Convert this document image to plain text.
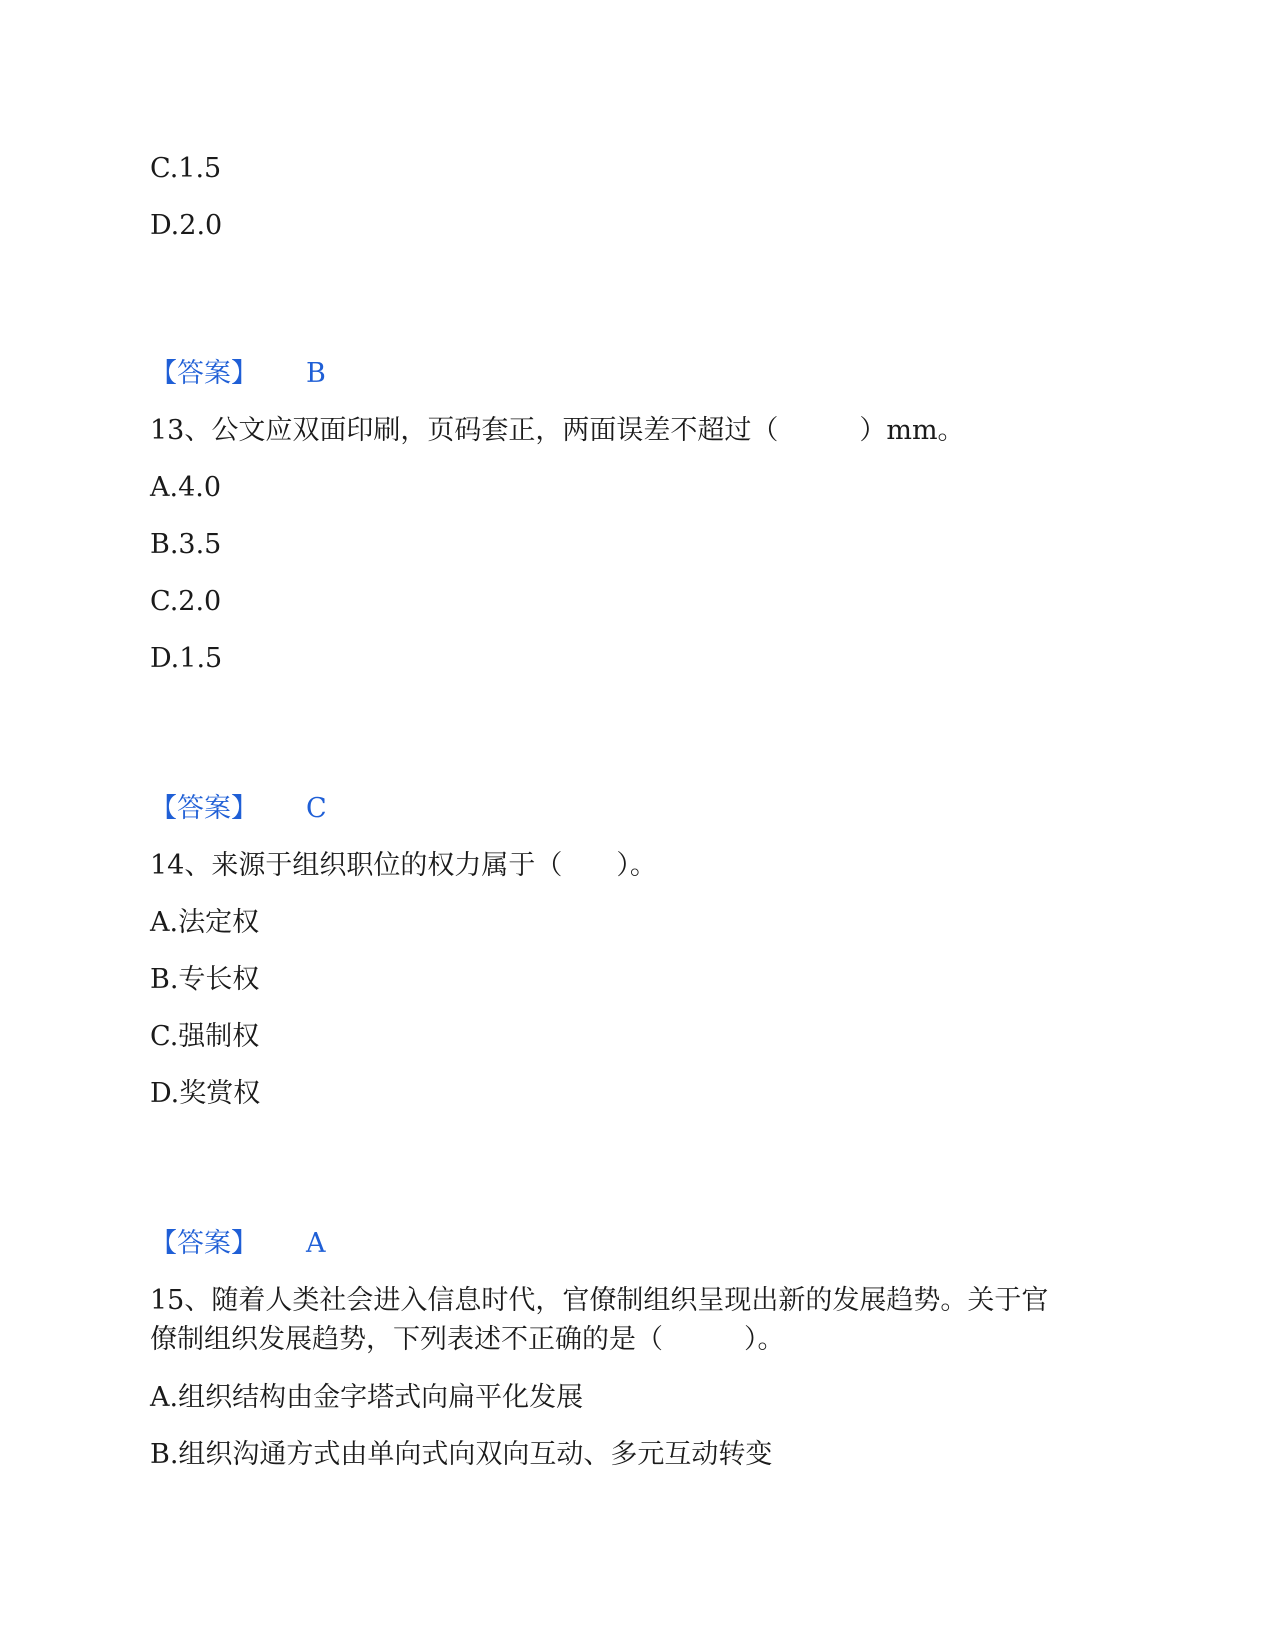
C.1.5
D.2.0
【答案】 B
13、公文应双面印刷，页码套正，两面误差不超过（　　　）mm。
A.4.0
B.3.5
C.2.0
D.1.5
【答案】 C
14、来源于组织职位的权力属于（　　）。
A.法定权
B.专长权
C.强制权
D.奖赏权
【答案】 A
15、随着人类社会进入信息时代，官僚制组织呈现出新的发展趋势。关于官
僚制组织发展趋势，下列表述不正确的是（　　　）。
A.组织结构由金字塔式向扁平化发展
B.组织沟通方式由单向式向双向互动、多元互动转变
